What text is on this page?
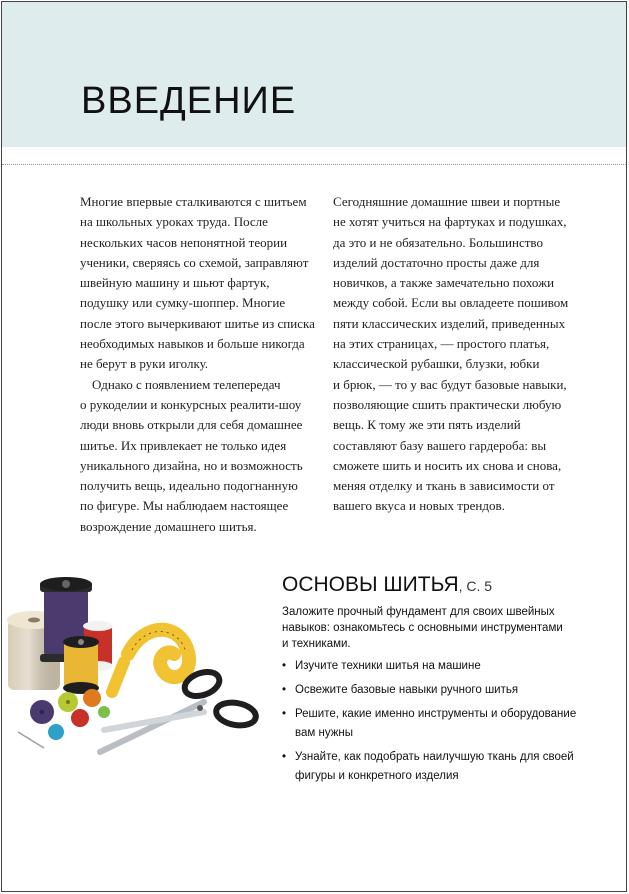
ВВЕДЕНИЕ

Многие впервые сталкиваются с шитьем
на школьных уроках труда. После
нескольких часов непонятной теории
ученики, сверяясь со схемой, заправляют
швейную машину и шьют фартук,
подушку или сумку-шоппер. Многие
после этого вычеркивают шитье из списка
необходимых навыков и больше никогда
не берут в руки иголку.

Однако с появлением телепередач
о рукоделии и конкурсных реалити-шоу
люди вновь открыли для себя домашнее
шитье. Их привлекает не только идея
уникального дизайна, но и возможность
получить вещь, идеально подогнанную
по фигуре. Мы наблюдаем настоящее
возрождение домашнего шитья.

Сегодняшние домашние швеи и портные
не хотят учиться на фартуках и подушках,
да это и не обязательно. Большинство
изделий достаточно просты даже для
новичков, а также замечательно похожи
между собой. Если вы овладеете пошивом
пяти классических изделий, приведенных
на этих страницах, — простого платья,
классической рубашки, блузки, юбки
и брюк, — то у вас будут базовые навыки,
позволяющие сшить практически любую
вещь. К тому же эти пять изделий
составляют базу вашего гардероба: вы
сможете шить и носить их снова и снова,
меняя отделку и ткань в зависимости от
вашего вкуса и новых трендов.

ОСНОВЫ ШИТЬЯ, С. 5
Заложите прочный фундамент для своих швейных
навыков: ознакомьтесь с основными инструментами
и техниками.
• Изучите техники шитья на машине
• Освежите базовые навыки ручного шитья
• Решите, какие именно инструменты и оборудование
вам нужны
• Узнайте, как подобрать наилучшую ткань для своей
фигуры и конкретного изделия
